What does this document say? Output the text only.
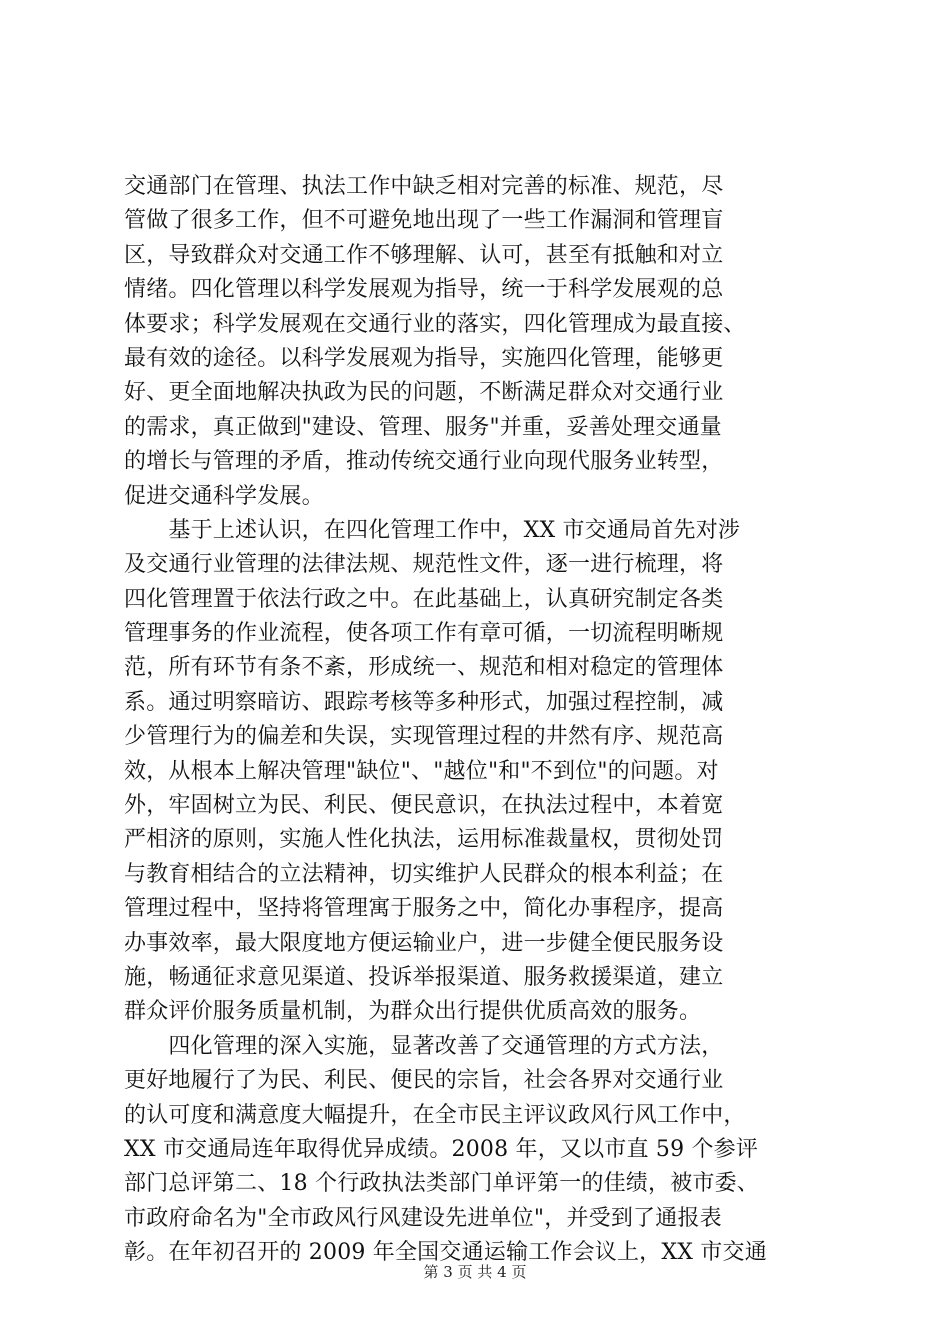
交通部门在管理、执法工作中缺乏相对完善的标准、规范，尽
管做了很多工作，但不可避免地出现了一些工作漏洞和管理盲
区，导致群众对交通工作不够理解、认可，甚至有抵触和对立
情绪。四化管理以科学发展观为指导，统一于科学发展观的总
体要求；科学发展观在交通行业的落实，四化管理成为最直接、
最有效的途径。以科学发展观为指导，实施四化管理，能够更
好、更全面地解决执政为民的问题，不断满足群众对交通行业
的需求，真正做到"建设、管理、服务"并重，妥善处理交通量
的增长与管理的矛盾，推动传统交通行业向现代服务业转型，
促进交通科学发展。
　　基于上述认识，在四化管理工作中，XX 市交通局首先对涉
及交通行业管理的法律法规、规范性文件，逐一进行梳理，将
四化管理置于依法行政之中。在此基础上，认真研究制定各类
管理事务的作业流程，使各项工作有章可循，一切流程明晰规
范，所有环节有条不紊，形成统一、规范和相对稳定的管理体
系。通过明察暗访、跟踪考核等多种形式，加强过程控制，减
少管理行为的偏差和失误，实现管理过程的井然有序、规范高
效，从根本上解决管理"缺位"、"越位"和"不到位"的问题。对
外，牢固树立为民、利民、便民意识，在执法过程中，本着宽
严相济的原则，实施人性化执法，运用标准裁量权，贯彻处罚
与教育相结合的立法精神，切实维护人民群众的根本利益；在
管理过程中，坚持将管理寓于服务之中，简化办事程序，提高
办事效率，最大限度地方便运输业户，进一步健全便民服务设
施，畅通征求意见渠道、投诉举报渠道、服务救援渠道，建立
群众评价服务质量机制，为群众出行提供优质高效的服务。
　　四化管理的深入实施，显著改善了交通管理的方式方法，
更好地履行了为民、利民、便民的宗旨，社会各界对交通行业
的认可度和满意度大幅提升，在全市民主评议政风行风工作中，
XX 市交通局连年取得优异成绩。2008 年，又以市直 59 个参评
部门总评第二、18 个行政执法类部门单评第一的佳绩，被市委、
市政府命名为"全市政风行风建设先进单位"，并受到了通报表
彰。在年初召开的 2009 年全国交通运输工作会议上，XX 市交通
第 3 页 共 4 页
